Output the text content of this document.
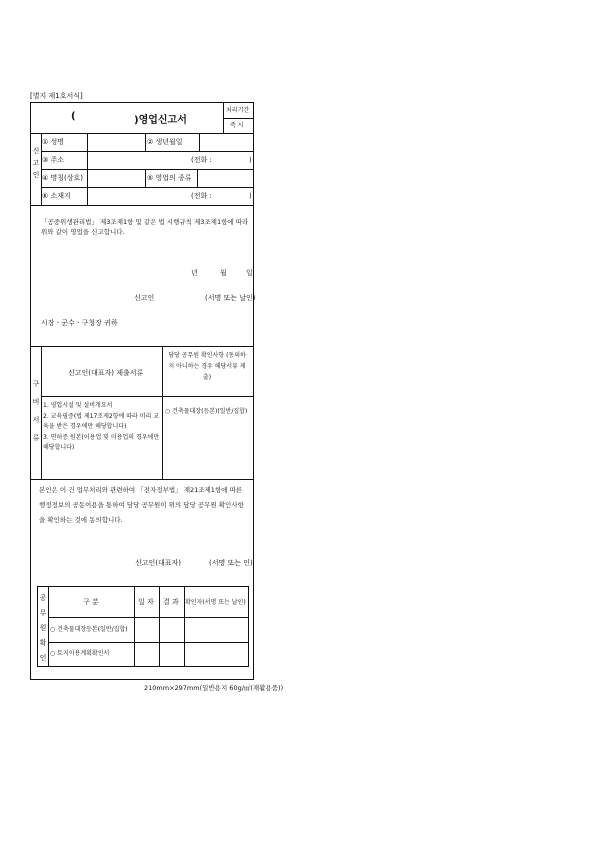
[별지 제1호서식]
(	)영업신고서
처리기간
즉 시
신
고
인
① 성명	② 생년월일
③ 주소	(전화 :	)
④ 명칭(상호)	⑤ 영업의 종류
⑥ 소재지	(전화 :	)
「공중위생관리법」 제3조제1항 및 같은 법 시행규칙 제3조제1항에 따라 위와 같이 영업을 신고합니다.
년	월	일
신고인	(서명 또는 날인)
시장ㆍ군수ㆍ구청장 귀하
구
비
서
류
신고인(대표자) 제출서류
담당 공무원 확인사항 (동의하지 아니하는 경우 해당서류 제출)
1. 영업시설 및 설비개요서
2. 교육필증(법 제17조제2항에 따라 미리 교육을 받은 경우에만 해당합니다)
3. 면허증 원본(이용업 및 미용업의 경우에만 해당합니다)
○ 건축물대장(등본)(일반/집합)
본인은 이 건 업무처리와 관련하여 「전자정부법」 제21조제1항에 따른 행정정보의 공동이용을 통하여 담당 공무원이 위의 담당 공무원 확인사항을 확인하는 것에 동의합니다.
신고인(대표자)	(서명 또는 인)
공
무
원
확
인
구 분	일 자 결 과 확인자(서명 또는 날인)
○ 건축물대장등본(일반/집합)
○ 토지이용계획확인서
210mm×297mm(일반용지 60g/㎡(재활용품))
